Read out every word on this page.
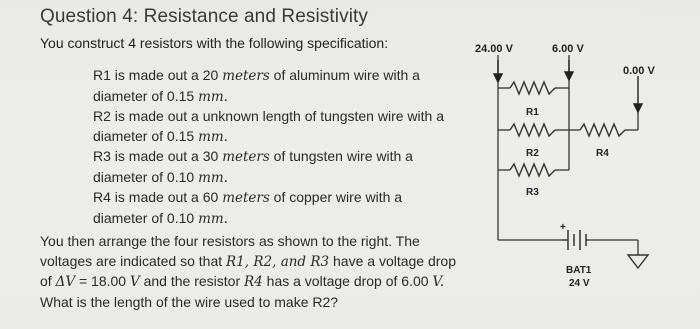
Question 4: Resistance and Resistivity
You construct 4 resistors with the following specification:
R1 is made out a 20 meters of aluminum wire with a
diameter of 0.15 mm.
R2 is made out a unknown length of tungsten wire with a
diameter of 0.15 mm.
R3 is made out a 30 meters of tungsten wire with a
diameter of 0.10 mm.
R4 is made out a 60 meters of copper wire with a
diameter of 0.10 mm.
You then arrange the four resistors as shown to the right. The
voltages are indicated so that R1, R2, and R3 have a voltage drop
of ΔV = 18.00 V and the resistor R4 has a voltage drop of 6.00 V.
What is the length of the wire used to make R2?
24.00 V	6.00 V
0.00 V
R1
R2
R3
R4
+
BAT1
24 V
